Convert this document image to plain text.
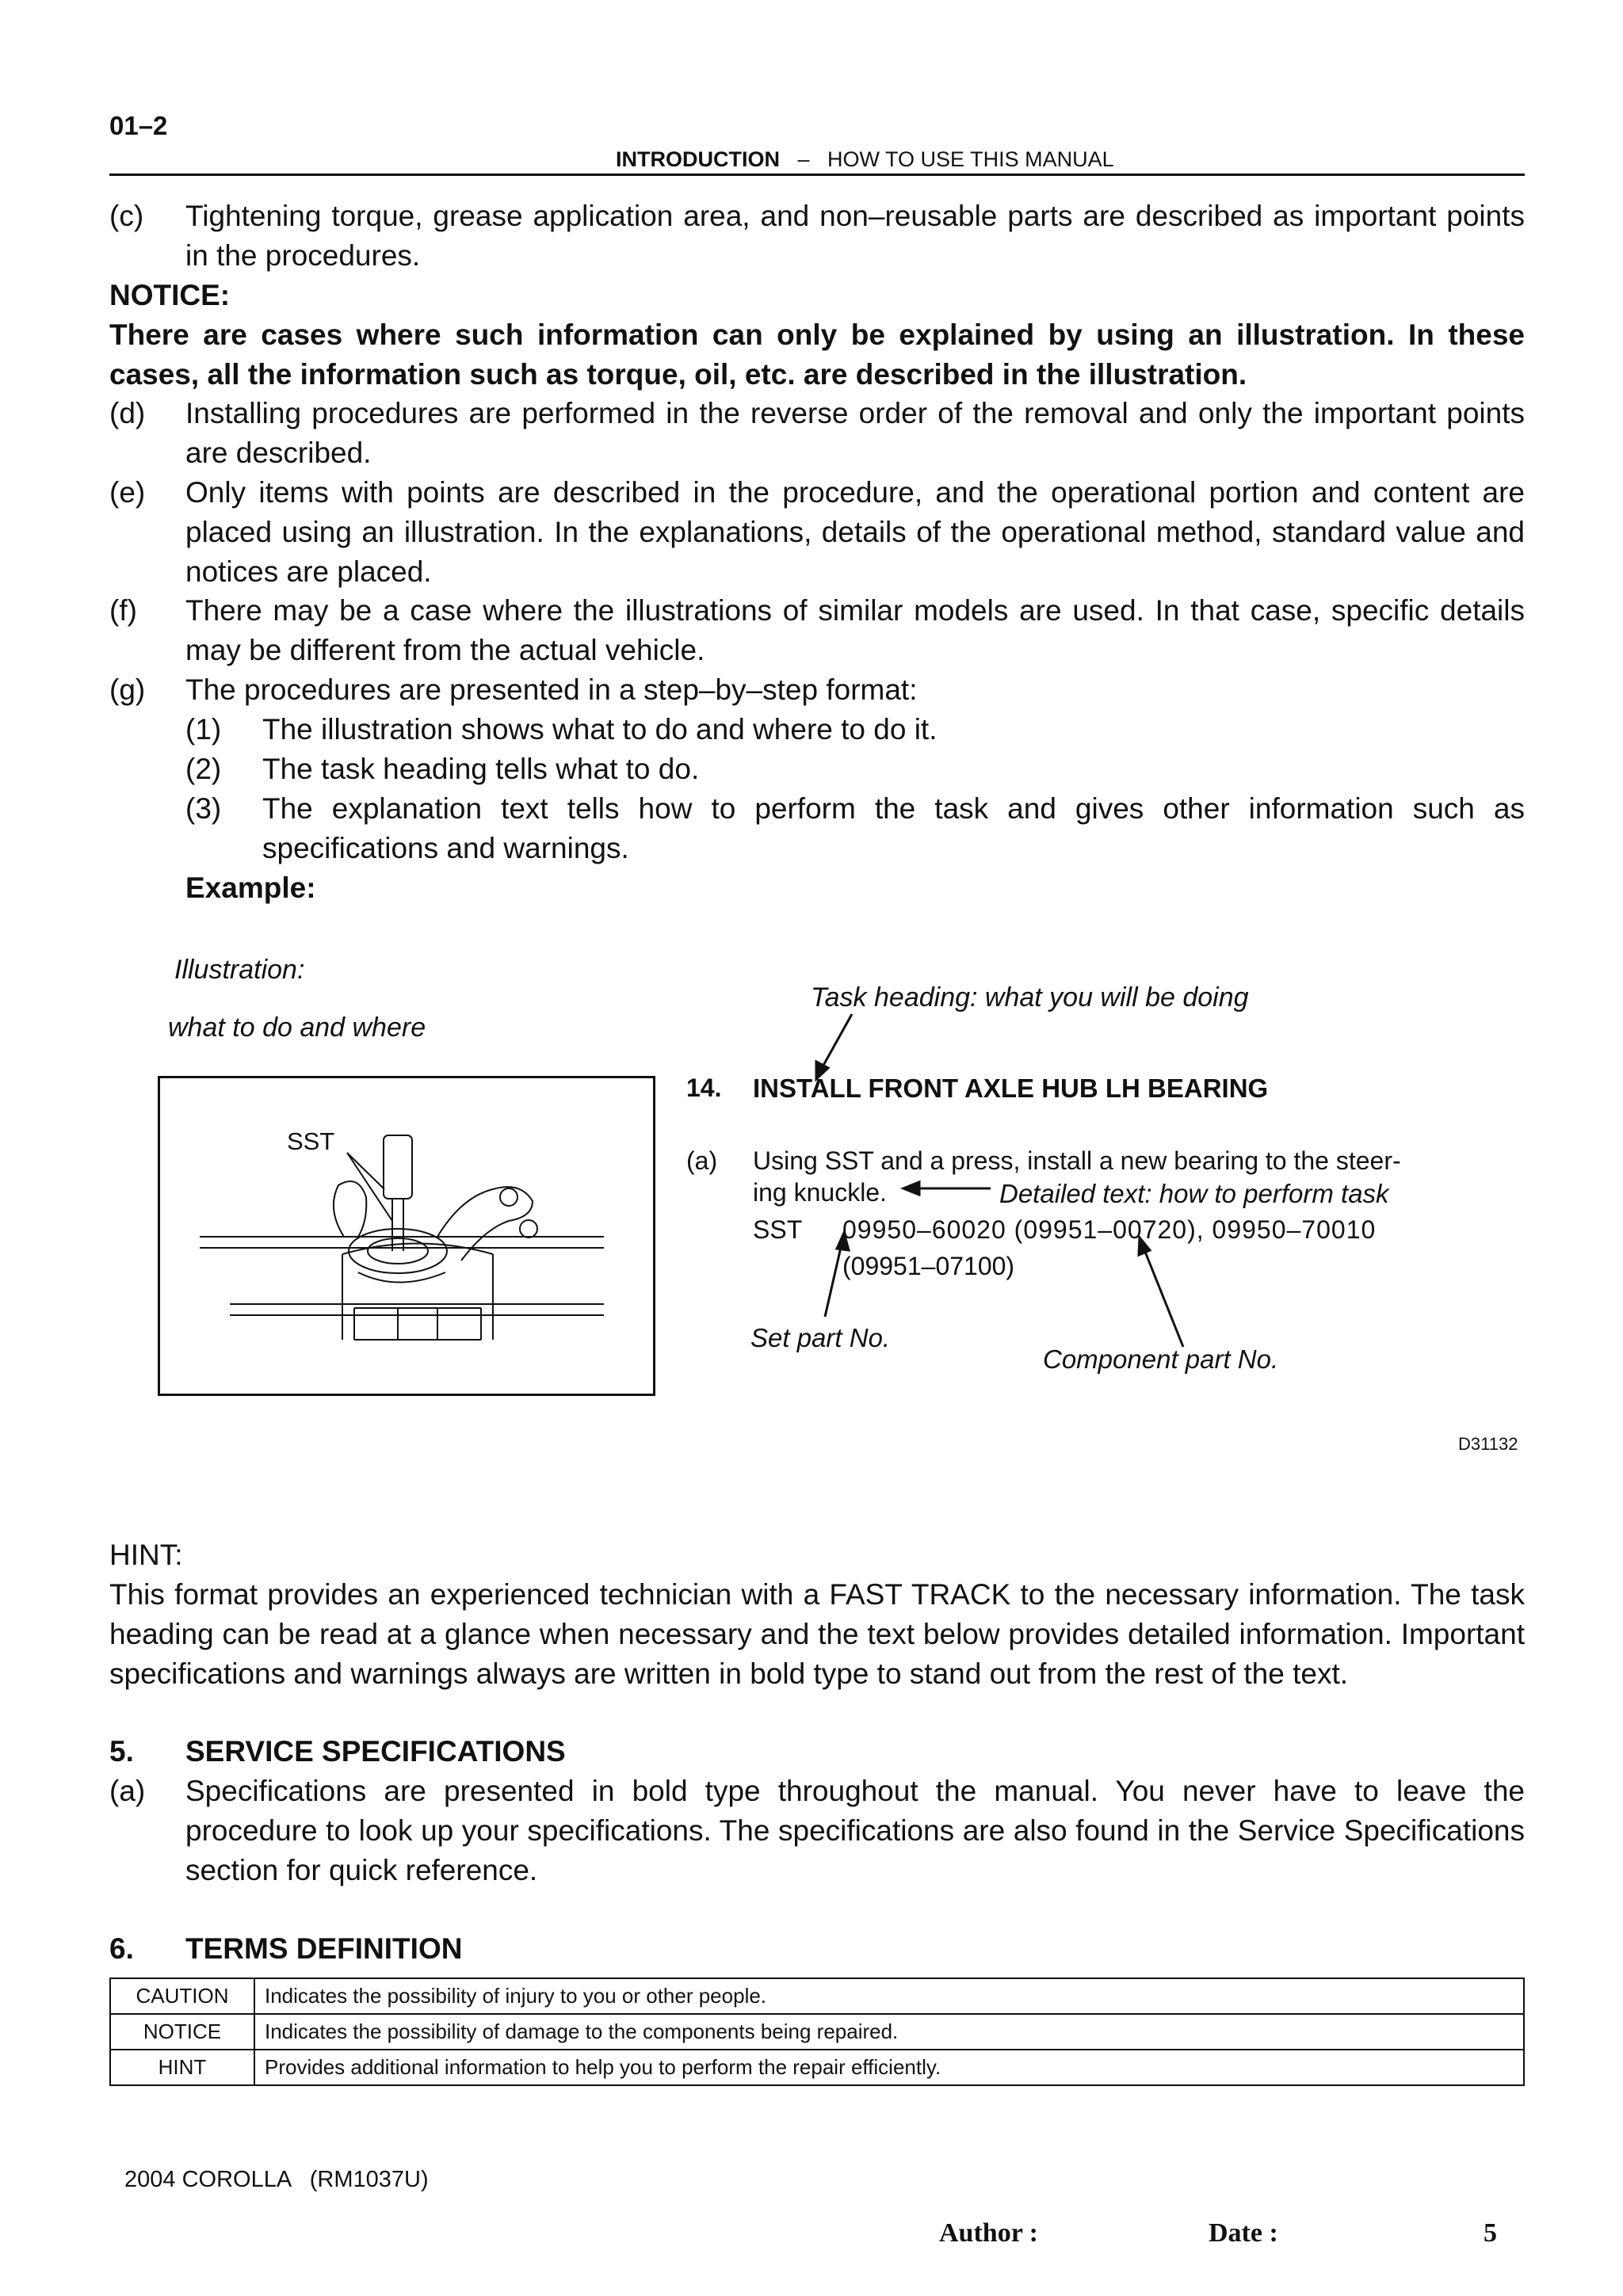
01–2
INTRODUCTION – HOW TO USE THIS MANUAL
(c) Tightening torque, grease application area, and non–reusable parts are described as important points in the procedures.
NOTICE:
There are cases where such information can only be explained by using an illustration. In these cases, all the information such as torque, oil, etc. are described in the illustration.
(d) Installing procedures are performed in the reverse order of the removal and only the important points are described.
(e) Only items with points are described in the procedure, and the operational portion and content are placed using an illustration. In the explanations, details of the operational method, standard value and notices are placed.
(f) There may be a case where the illustrations of similar models are used. In that case, specific details may be different from the actual vehicle.
(g) The procedures are presented in a step–by–step format:
(1) The illustration shows what to do and where to do it.
(2) The task heading tells what to do.
(3) The explanation text tells how to perform the task and gives other information such as specifications and warnings.
Example:
Illustration:
what to do and where
Task heading: what you will be doing
SST
14. INSTALL FRONT AXLE HUB LH BEARING
(a) Using SST and a press, install a new bearing to the steer-
ing knuckle.	Detailed text: how to perform task
SST 09950–60020 (09951–00720), 09950–70010
(09951–07100)
Set part No.
Component part No.
D31132
HINT:
This format provides an experienced technician with a FAST TRACK to the necessary information. The task heading can be read at a glance when necessary and the text below provides detailed information. Important specifications and warnings always are written in bold type to stand out from the rest of the text.
5. SERVICE SPECIFICATIONS
(a) Specifications are presented in bold type throughout the manual. You never have to leave the procedure to look up your specifications. The specifications are also found in the Service Specifications section for quick reference.
6. TERMS DEFINITION
CAUTION	Indicates the possibility of injury to you or other people.
NOTICE	Indicates the possibility of damage to the components being repaired.
HINT	Provides additional information to help you to perform the repair efficiently.
2004 COROLLA   (RM1037U)
Author :	Date :	5
